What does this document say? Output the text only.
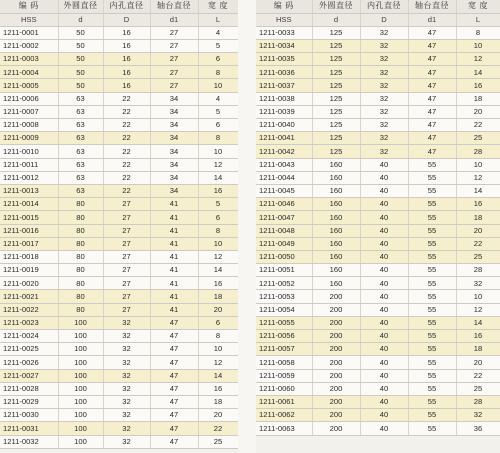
编 码	外圆直径	内孔直径	轴台直径	宽 度
HSS	d	D	d1	L
1211-0001	50	16	27	4
1211-0002	50	16	27	5
1211-0003	50	16	27	6
1211-0004	50	16	27	8
1211-0005	50	16	27	10
1211-0006	63	22	34	4
1211-0007	63	22	34	5
1211-0008	63	22	34	6
1211-0009	63	22	34	8
1211-0010	63	22	34	10
1211-0011	63	22	34	12
1211-0012	63	22	34	14
1211-0013	63	22	34	16
1211-0014	80	27	41	5
1211-0015	80	27	41	6
1211-0016	80	27	41	8
1211-0017	80	27	41	10
1211-0018	80	27	41	12
1211-0019	80	27	41	14
1211-0020	80	27	41	16
1211-0021	80	27	41	18
1211-0022	80	27	41	20
1211-0023	100	32	47	6
1211-0024	100	32	47	8
1211-0025	100	32	47	10
1211-0026	100	32	47	12
1211-0027	100	32	47	14
1211-0028	100	32	47	16
1211-0029	100	32	47	18
1211-0030	100	32	47	20
1211-0031	100	32	47	22
1211-0032	100	32	47	25
编 码	外圆直径	内孔直径	轴台直径	宽 度
HSS	d	D	d1	L
1211-0033	125	32	47	8
1211-0034	125	32	47	10
1211-0035	125	32	47	12
1211-0036	125	32	47	14
1211-0037	125	32	47	16
1211-0038	125	32	47	18
1211-0039	125	32	47	20
1211-0040	125	32	47	22
1211-0041	125	32	47	25
1211-0042	125	32	47	28
1211-0043	160	40	55	10
1211-0044	160	40	55	12
1211-0045	160	40	55	14
1211-0046	160	40	55	16
1211-0047	160	40	55	18
1211-0048	160	40	55	20
1211-0049	160	40	55	22
1211-0050	160	40	55	25
1211-0051	160	40	55	28
1211-0052	160	40	55	32
1211-0053	200	40	55	10
1211-0054	200	40	55	12
1211-0055	200	40	55	14
1211-0056	200	40	55	16
1211-0057	200	40	55	18
1211-0058	200	40	55	20
1211-0059	200	40	55	22
1211-0060	200	40	55	25
1211-0061	200	40	55	28
1211-0062	200	40	55	32
1211-0063	200	40	55	36
